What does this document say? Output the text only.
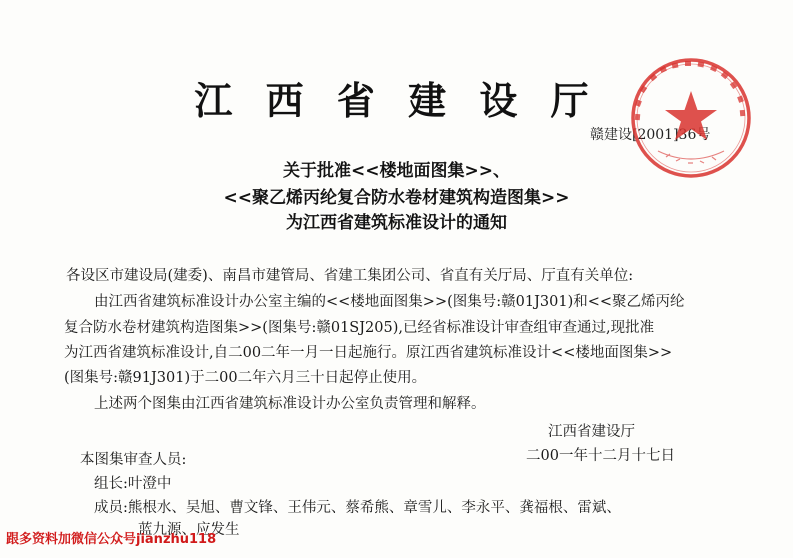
江 西 省 建 设 厅
赣建设[2001]36号
关于批准<<楼地面图集>>、
<<聚乙烯丙纶复合防水卷材建筑构造图集>>
为江西省建筑标准设计的通知
各设区市建设局(建委)、南昌市建管局、省建工集团公司、省直有关厅局、厅直有关单位:
由江西省建筑标准设计办公室主编的<<楼地面图集>>(图集号:赣01J301)和<<聚乙烯丙纶
复合防水卷材建筑构造图集>>(图集号:赣01SJ205),已经省标准设计审查组审查通过,现批准
为江西省建筑标准设计,自二00二年一月一日起施行。原江西省建筑标准设计<<楼地面图集>>
(图集号:赣91J301)于二00二年六月三十日起停止使用。
上述两个图集由江西省建筑标准设计办公室负责管理和解释。
江西省建设厅
二00一年十二月十七日
本图集审查人员:
组长:叶澄中
成员:熊根水、吴旭、曹文锋、王伟元、蔡希熊、章雪儿、李永平、龚福根、雷斌、
蓝九源、应发生
跟多资料加微信公众号jianzhu118
